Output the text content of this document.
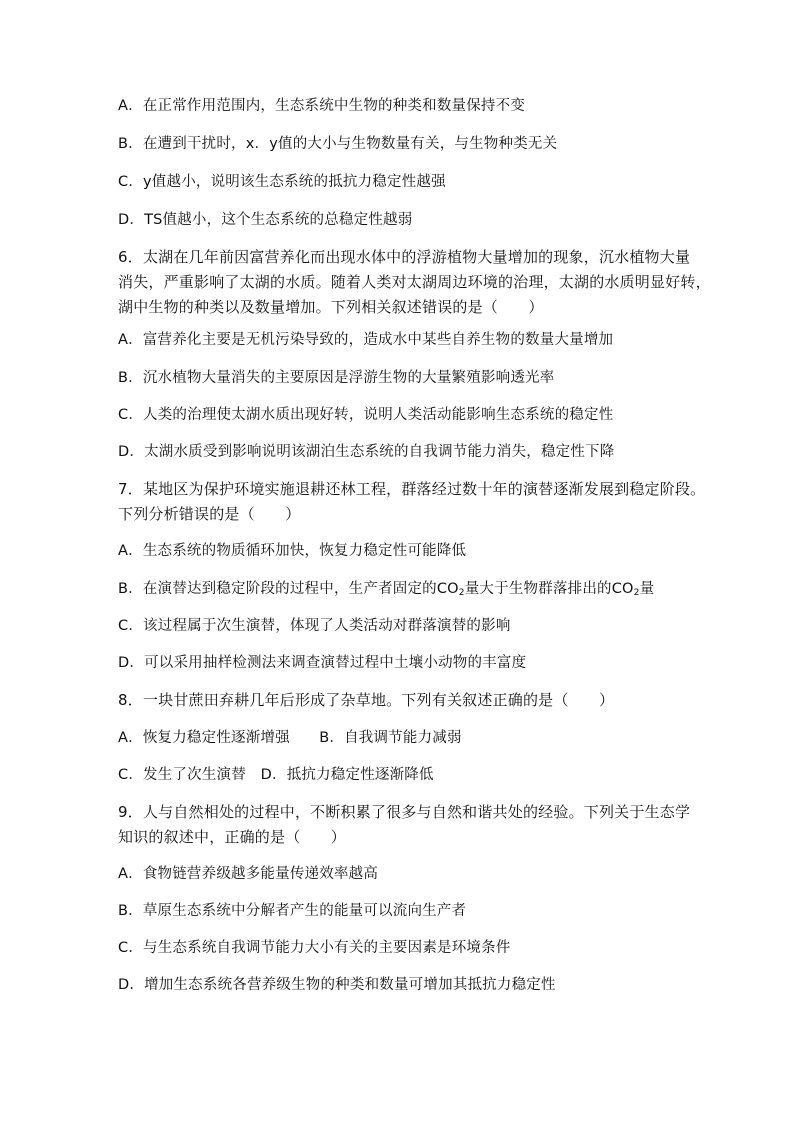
A．在正常作用范围内，生态系统中生物的种类和数量保持不变
B．在遭到干扰时，x．y值的大小与生物数量有关，与生物种类无关
C．y值越小，说明该生态系统的抵抗力稳定性越强
D．TS值越小，这个生态系统的总稳定性越弱
6．太湖在几年前因富营养化而出现水体中的浮游植物大量增加的现象，沉水植物大量
消失，严重影响了太湖的水质。随着人类对太湖周边环境的治理，太湖的水质明显好转，
湖中生物的种类以及数量增加。下列相关叙述错误的是（　　）
A．富营养化主要是无机污染导致的，造成水中某些自养生物的数量大量增加
B．沉水植物大量消失的主要原因是浮游生物的大量繁殖影响透光率
C．人类的治理使太湖水质出现好转，说明人类活动能影响生态系统的稳定性
D．太湖水质受到影响说明该湖泊生态系统的自我调节能力消失，稳定性下降
7．某地区为保护环境实施退耕还林工程，群落经过数十年的演替逐渐发展到稳定阶段。
下列分析错误的是（　　）
A．生态系统的物质循环加快，恢复力稳定性可能降低
B．在演替达到稳定阶段的过程中，生产者固定的$CO_2$量大于生物群落排出的$CO_2$量
C．该过程属于次生演替，体现了人类活动对群落演替的影响
D．可以采用抽样检测法来调查演替过程中土壤小动物的丰富度
8．一块甘蔗田弃耕几年后形成了杂草地。下列有关叙述正确的是（　　）
A．恢复力稳定性逐渐增强　　B．自我调节能力减弱
C．发生了次生演替　D．抵抗力稳定性逐渐降低
9．人与自然相处的过程中，不断积累了很多与自然和谐共处的经验。下列关于生态学
知识的叙述中，正确的是（　　）
A．食物链营养级越多能量传递效率越高
B．草原生态系统中分解者产生的能量可以流向生产者
C．与生态系统自我调节能力大小有关的主要因素是环境条件
D．增加生态系统各营养级生物的种类和数量可增加其抵抗力稳定性
